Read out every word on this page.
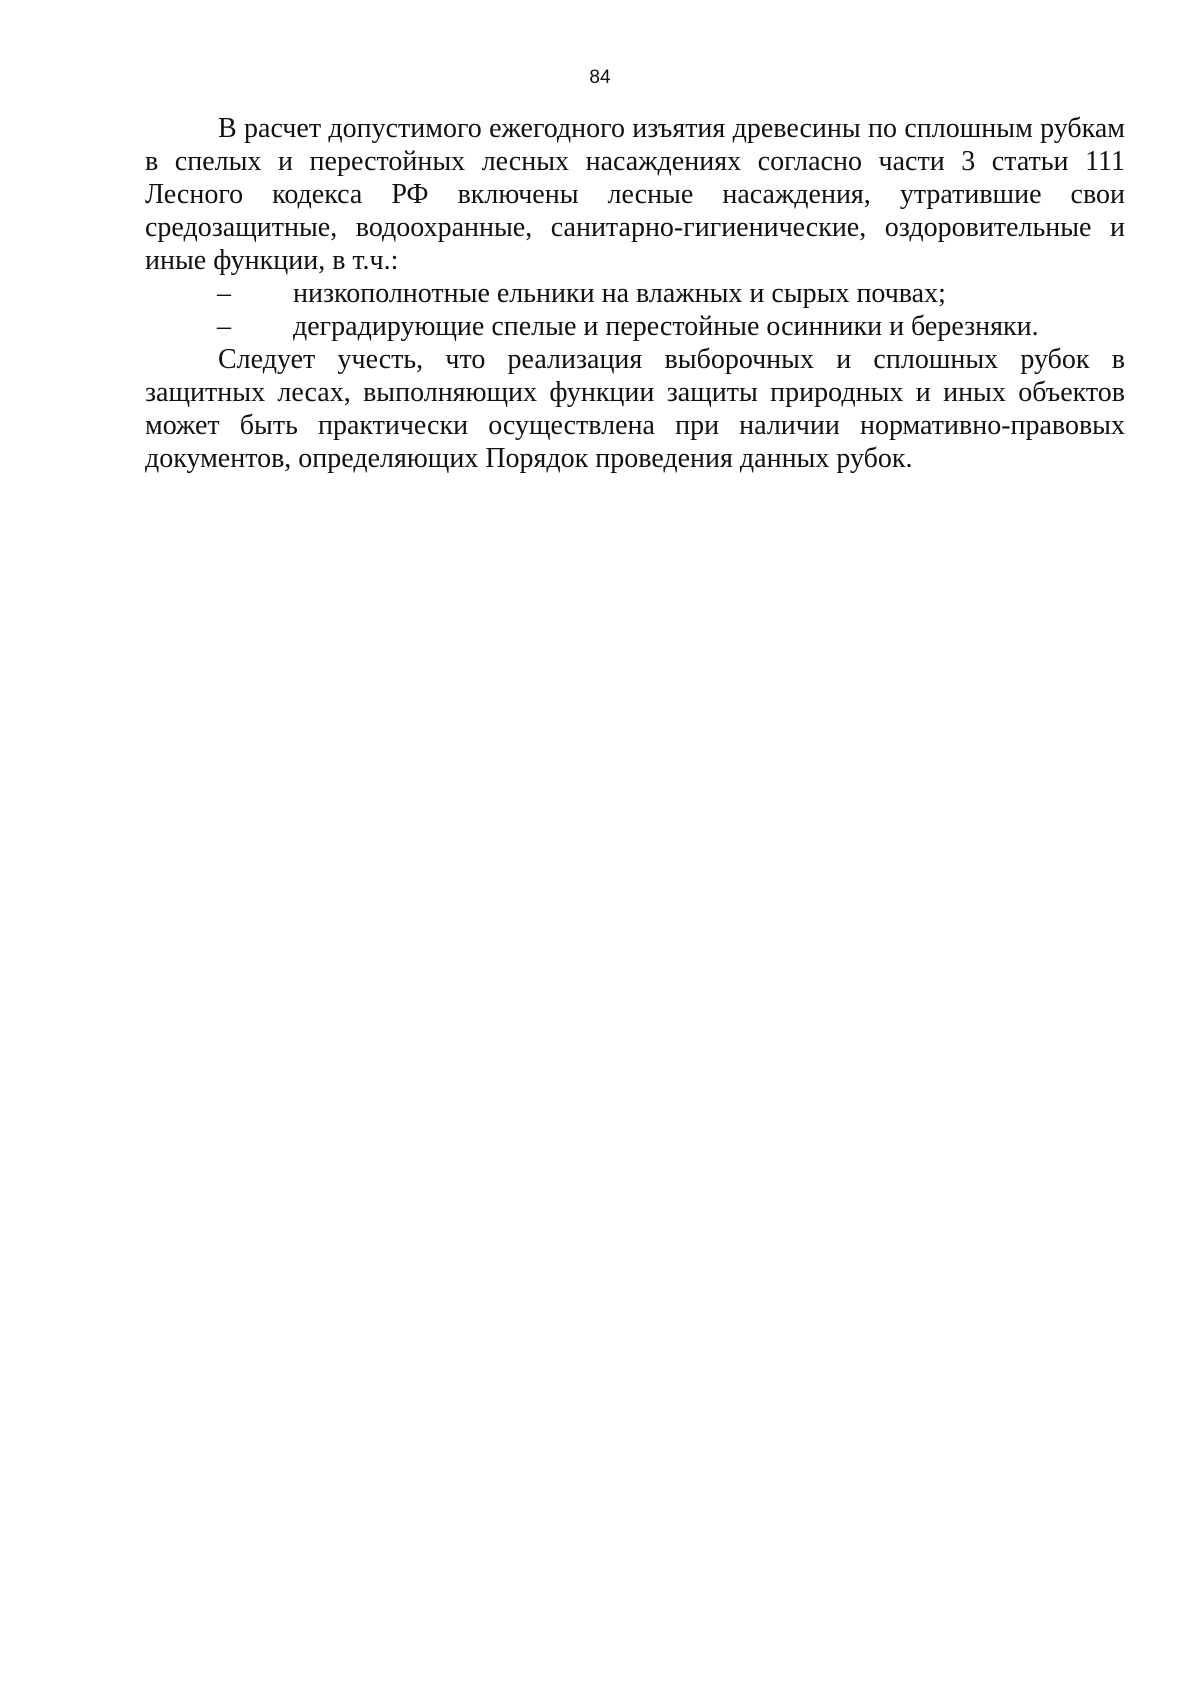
84

В расчет допустимого ежегодного изъятия древесины по сплошным рубкам в спелых и перестойных лесных насаждениях согласно части 3 статьи 111 Лесного кодекса РФ включены лесные насаждения, утратившие свои средозащитные, водоохранные, санитарно-гигиенические, оздоровительные и иные функции, в т.ч.:

–	низкополнотные ельники на влажных и сырых почвах;
–	деградирующие спелые и перестойные осинники и березняки.

Следует учесть, что реализация выборочных и сплошных рубок в защитных лесах, выполняющих функции защиты природных и иных объектов может быть практически осуществлена при наличии нормативно-правовых документов, определяющих Порядок проведения данных рубок.
